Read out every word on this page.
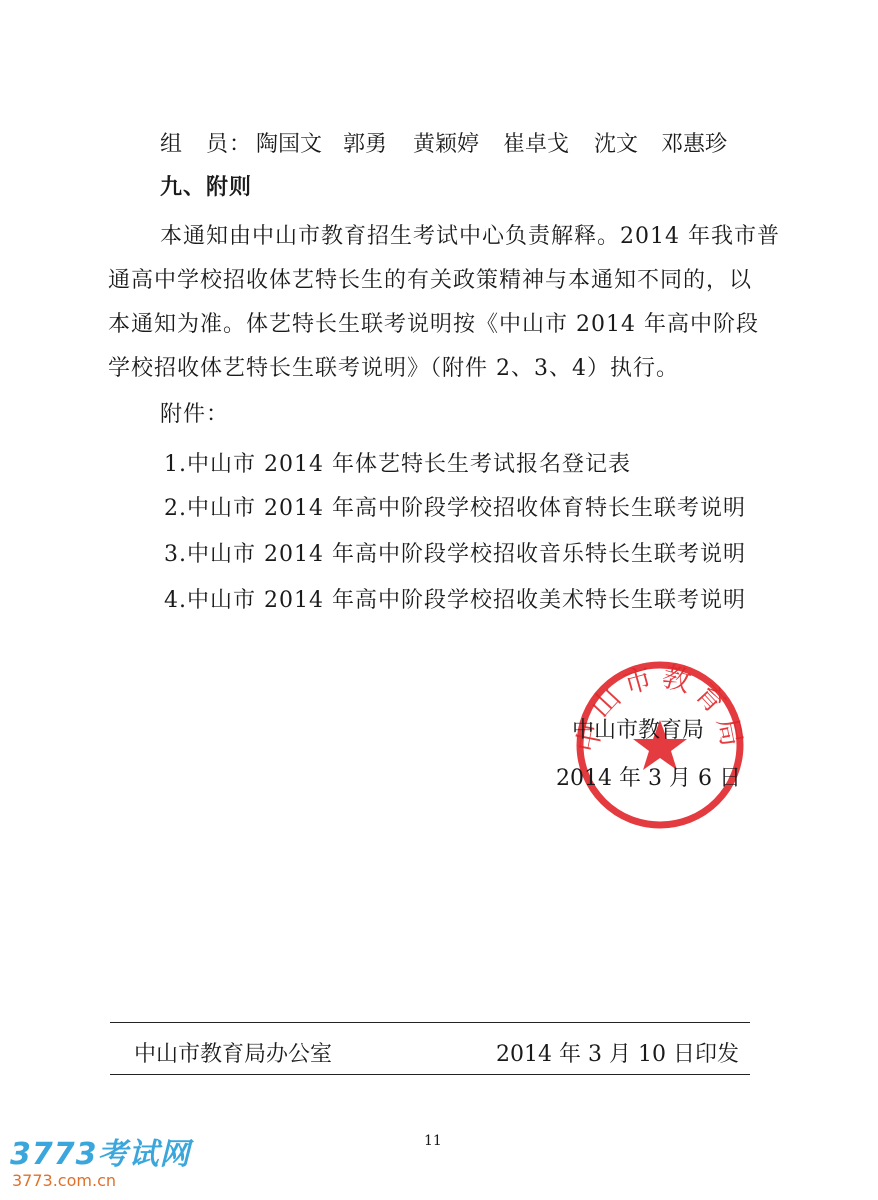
组　员： 陶国文 郭勇 黄颖婷 崔卓戈 沈文 邓惠珍
九、附则
本通知由中山市教育招生考试中心负责解释。2014 年我市普
通高中学校招收体艺特长生的有关政策精神与本通知不同的，以
本通知为准。体艺特长生联考说明按《中山市 2014 年高中阶段
学校招收体艺特长生联考说明》（附件 2、3、4）执行。
附件：
1.中山市 2014 年体艺特长生考试报名登记表
2.中山市 2014 年高中阶段学校招收体育特长生联考说明
3.中山市 2014 年高中阶段学校招收音乐特长生联考说明
4.中山市 2014 年高中阶段学校招收美术特长生联考说明
山市教育
中山市教育局
2014 年 3 月 6 日
中山市教育局办公室	2014 年 3 月 10 日印发
11
3773考试网
3773.com.cn
